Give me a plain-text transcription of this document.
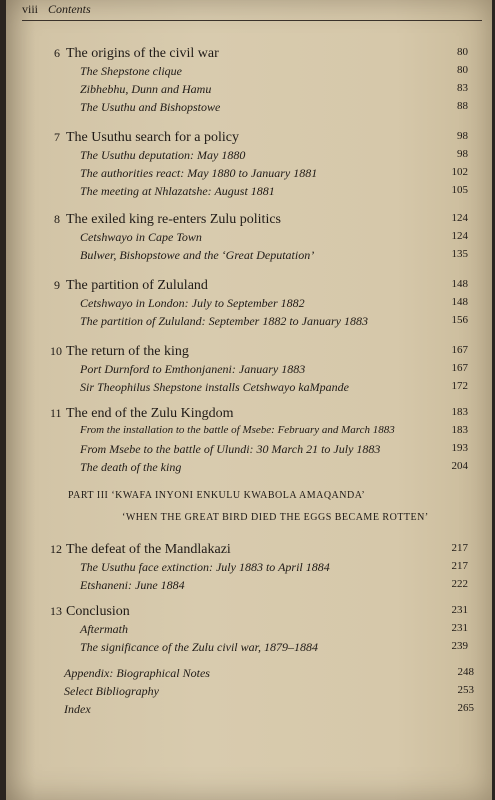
viii Contents
6 The origins of the civil war	80
The Shepstone clique	80
Zibhebhu, Dunn and Hamu	83
The Usuthu and Bishopstowe	88
7 The Usuthu search for a policy	98
The Usuthu deputation: May 1880	98
The authorities react: May 1880 to January 1881	102
The meeting at Nhlazatshe: August 1881	105
8 The exiled king re-enters Zulu politics	124
Cetshwayo in Cape Town	124
Bulwer, Bishopstowe and the ‘Great Deputation’	135
9 The partition of Zululand	148
Cetshwayo in London: July to September 1882	148
The partition of Zululand: September 1882 to January 1883	156
10 The return of the king	167
Port Durnford to Emthonjaneni: January 1883	167
Sir Theophilus Shepstone installs Cetshwayo kaMpande	172
11 The end of the Zulu Kingdom	183
From the installation to the battle of Msebe: February and March 1883	183
From Msebe to the battle of Ulundi: 30 March 21 to July 1883	193
The death of the king	204
PART III ‘KWAFA INYONI ENKULU KWABOLA AMAQANDA’
‘WHEN THE GREAT BIRD DIED THE EGGS BECAME ROTTEN’
12 The defeat of the Mandlakazi	217
The Usuthu face extinction: July 1883 to April 1884	217
Etshaneni: June 1884	222
13 Conclusion	231
Aftermath	231
The significance of the Zulu civil war, 1879–1884	239
Appendix: Biographical Notes	248
Select Bibliography	253
Index	265
